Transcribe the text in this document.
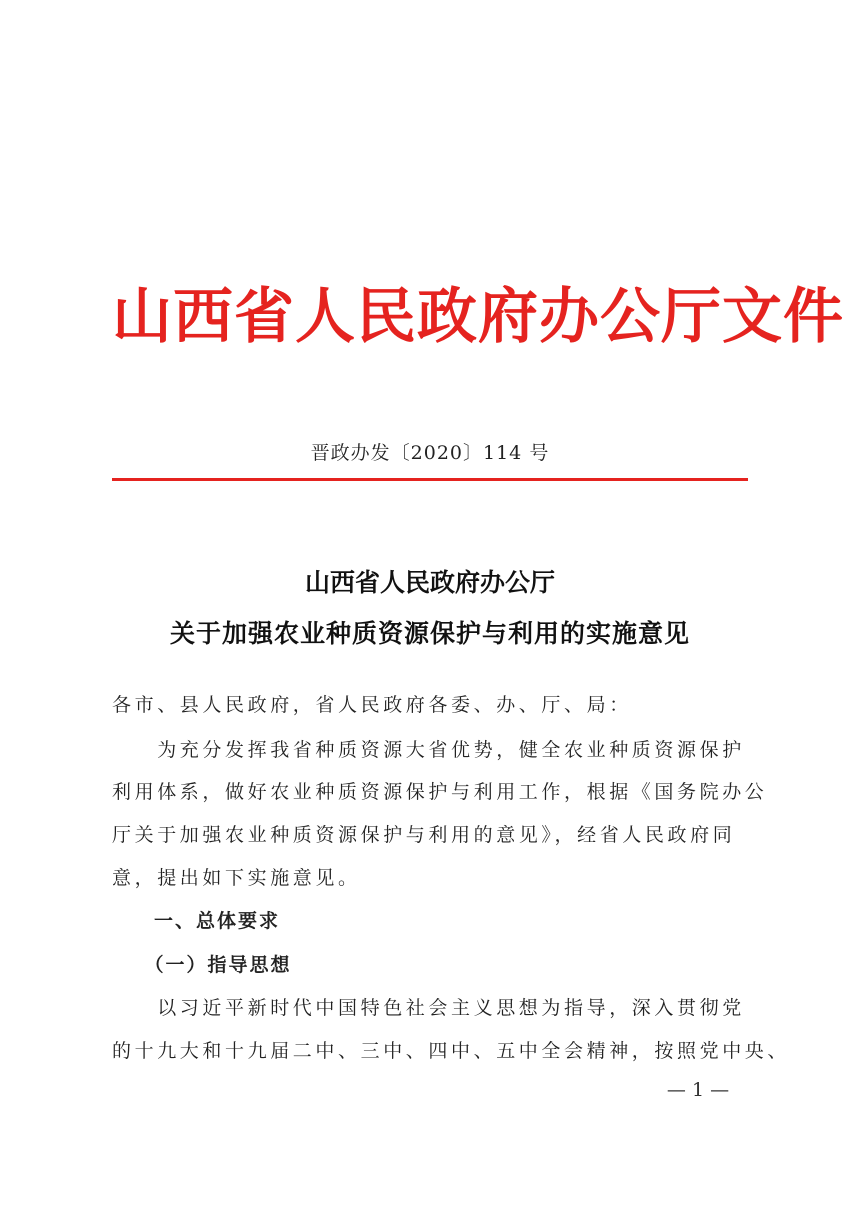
山西省人民政府办公厅文件
晋政办发〔2020〕114 号
山西省人民政府办公厅
关于加强农业种质资源保护与利用的实施意见
各市、县人民政府，省人民政府各委、办、厅、局：
　　为充分发挥我省种质资源大省优势，健全农业种质资源保护
利用体系，做好农业种质资源保护与利用工作，根据《国务院办公
厅关于加强农业种质资源保护与利用的意见》，经省人民政府同
意，提出如下实施意见。
　　一、总体要求
　　（一）指导思想
　　以习近平新时代中国特色社会主义思想为指导，深入贯彻党
的十九大和十九届二中、三中、四中、五中全会精神，按照党中央、
— 1 —
